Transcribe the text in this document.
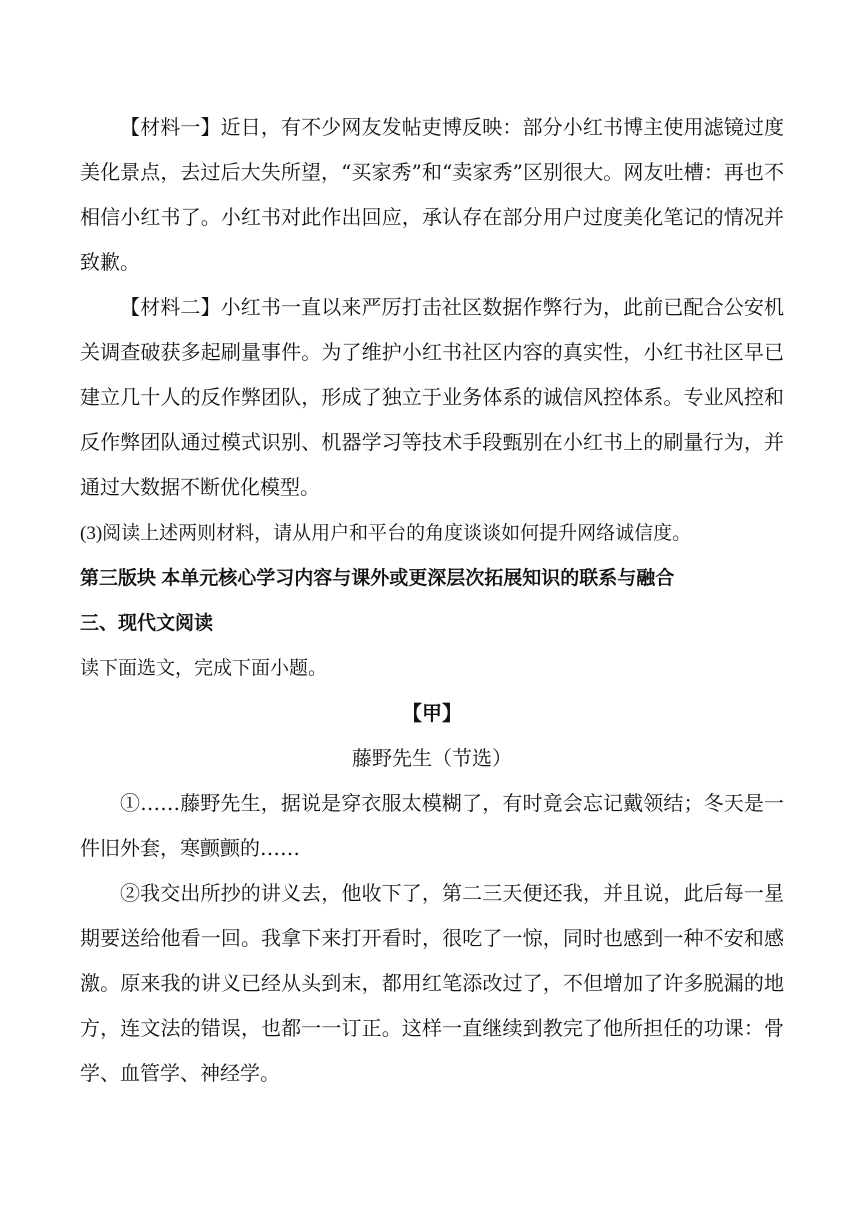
【材料一】近日，有不少网友发帖吏博反映：部分小红书博主使用滤镜过度美化景点，去过后大失所望，“买家秀”和“卖家秀”区别很大。网友吐槽：再也不相信小红书了。小红书对此作出回应，承认存在部分用户过度美化笔记的情况并致歉。

【材料二】小红书一直以来严厉打击社区数据作弊行为，此前已配合公安机关调查破获多起刷量事件。为了维护小红书社区内容的真实性，小红书社区早已建立几十人的反作弊团队，形成了独立于业务体系的诚信风控体系。专业风控和反作弊团队通过模式识别、机器学习等技术手段甄别在小红书上的刷量行为，并通过大数据不断优化模型。

(3)阅读上述两则材料，请从用户和平台的角度谈谈如何提升网络诚信度。

第三版块 本单元核心学习内容与课外或更深层次拓展知识的联系与融合

三、现代文阅读

读下面选文，完成下面小题。

【甲】

藤野先生（节选）

①……藤野先生，据说是穿衣服太模糊了，有时竟会忘记戴领结；冬天是一件旧外套，寒颤颤的……

②我交出所抄的讲义去，他收下了，第二三天便还我，并且说，此后每一星期要送给他看一回。我拿下来打开看时，很吃了一惊，同时也感到一种不安和感激。原来我的讲义已经从头到末，都用红笔添改过了，不但增加了许多脱漏的地方，连文法的错误，也都一一订正。这样一直继续到教完了他所担任的功课：骨学、血管学、神经学。
